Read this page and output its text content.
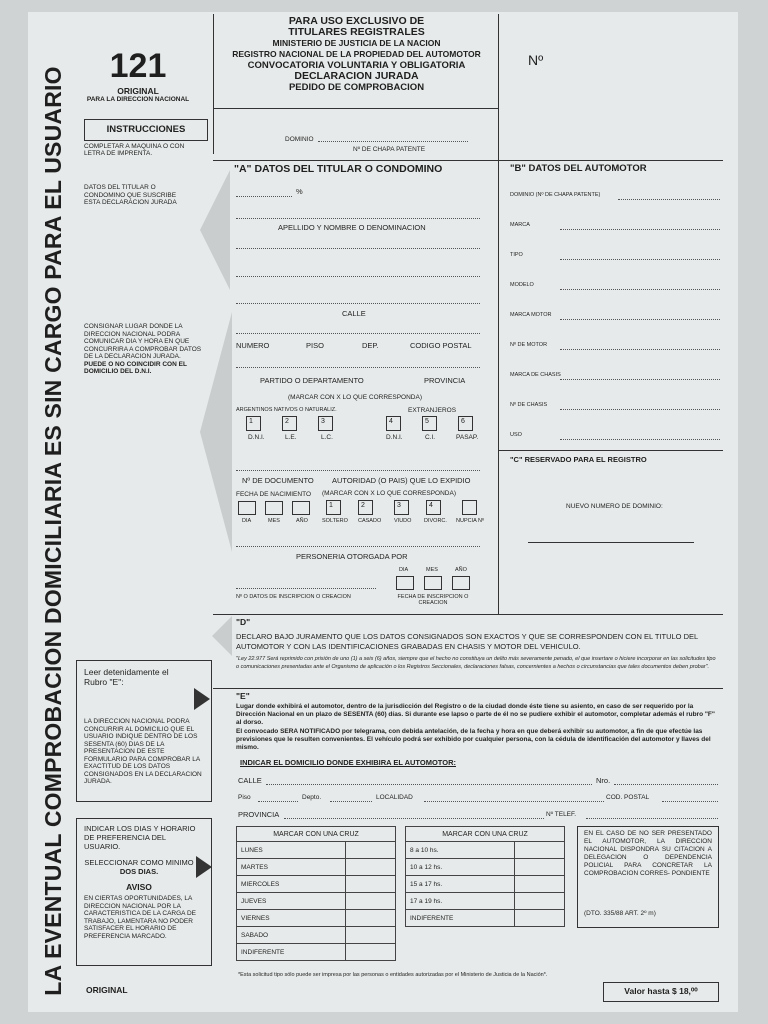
LA EVENTUAL COMPROBACION DOMICILIARIA ES SIN CARGO PARA EL USUARIO
121
ORIGINAL
PARA LA DIRECCION NACIONAL
PARA USO EXCLUSIVO DE
TITULARES REGISTRALES
MINISTERIO DE JUSTICIA DE LA NACION
REGISTRO NACIONAL DE LA PROPIEDAD DEL AUTOMOTOR
CONVOCATORIA VOLUNTARIA Y OBLIGATORIA
DECLARACION JURADA
PEDIDO DE COMPROBACION
Nº
DOMINIO
Nº DE CHAPA PATENTE
INSTRUCCIONES
COMPLETAR A MAQUINA O CON LETRA DE IMPRENTA.
"A" DATOS DEL TITULAR O CONDOMINO
DATOS DEL TITULAR O CONDOMINO QUE SUSCRIBE ESTA DECLARACION JURADA
%
APELLIDO Y NOMBRE O DENOMINACION
CALLE
CONSIGNAR LUGAR DONDE LA DIRECCION NACIONAL PODRA COMUNICAR DIA Y HORA EN QUE CONCURRIRA A COMPROBAR DATOS DE LA DECLARACION JURADA. PUEDE O NO COINCIDIR CON EL DOMICILIO DEL D.N.I.
NUMERO	PISO	DEP.	CODIGO POSTAL
PARTIDO O DEPARTAMENTO	PROVINCIA
(MARCAR CON X LO QUE CORRESPONDA)
ARGENTINOS NATIVOS O NATURALIZ.	EXTRANJEROS
1	2	3	4	5	6
D.N.I.	L.E.	L.C.	D.N.I.	C.I.	PASAP.
Nº DE DOCUMENTO AUTORIDAD (O PAIS) QUE LO EXPIDIO
FECHA DE NACIMIENTO (MARCAR CON X LO QUE CORRESPONDA)
DIA	MES	AÑO
1	2	3	4
SOLTERO CASADO VIUDO DIVORC. NUPCIA Nº
PERSONERIA OTORGADA POR
DIA	MES	AÑO
Nº O DATOS DE INSCRIPCION O CREACION	FECHA DE INSCRIPCION O CREACION
"B" DATOS DEL AUTOMOTOR
DOMINIO (Nº DE CHAPA PATENTE)
MARCA
TIPO
MODELO
MARCA MOTOR
Nº DE MOTOR
MARCA DE CHASIS
Nº DE CHASIS
USO
"C" RESERVADO PARA EL REGISTRO
NUEVO NUMERO DE DOMINIO:
"D"
DECLARO BAJO JURAMENTO QUE LOS DATOS CONSIGNADOS SON EXACTOS Y QUE SE CORRESPONDEN CON EL TITULO DEL AUTOMOTOR Y CON LAS IDENTIFICACIONES GRABADAS EN CHASIS Y MOTOR DEL VEHICULO.
"Ley 22.977 Será reprimido con prisión de uno (1) a seis (6) años, siempre que el hecho no constituya un delito más severamente penado, el que insertare o hiciere incorporar en las solicitudes tipo o comunicaciones presentadas ante el Organismo de aplicación o los Registros Seccionales, declaraciones falsas, concernientes a hechos o circunstancias que tales documentos deben probar".
Leer detenidamente el Rubro "E":
LA DIRECCION NACIONAL PODRA CONCURRIR AL DOMICILIO QUE EL USUARIO INDIQUE DENTRO DE LOS SESENTA (60) DIAS DE LA PRESENTACION DE ESTE FORMULARIO PARA COMPROBAR LA EXACTITUD DE LOS DATOS CONSIGNADOS EN LA DECLARACION JURADA.
"E"
Lugar donde exhibirá el automotor, dentro de la jurisdicción del Registro o de la ciudad donde éste tiene su asiento, en caso de ser requerido por la Dirección Nacional en un plazo de SESENTA (60) días. Si durante ese lapso o parte de él no se pudiere exhibir el automotor, completar además el rubro "F" al dorso.
El convocado SERA NOTIFICADO por telegrama, con debida antelación, de la fecha y hora en que deberá exhibir su automotor, a fin de que efectúe las previsiones que le resulten convenientes. El vehículo podrá ser exhibido por cualquier persona, con la cédula de identificación del automotor y llaves del mismo.
INDICAR EL DOMICILIO DONDE EXHIBIRA EL AUTOMOTOR:
CALLE	Nro.
Piso	Depto.	LOCALIDAD	COD. POSTAL
PROVINCIA	Nº TELEF.
INDICAR LOS DIAS Y HORARIO DE PREFERENCIA DEL USUARIO.
SELECCIONAR COMO MINIMO DOS DIAS.
AVISO
EN CIERTAS OPORTUNIDADES, LA DIRECCION NACIONAL POR LA CARACTERISTICA DE LA CARGA DE TRABAJO, LAMENTARA NO PODER SATISFACER EL HORARIO DE PREFERENCIA MARCADO.
MARCAR CON UNA CRUZ	
LUNES	
MARTES	
MIERCOLES	
JUEVES	
VIERNES	
SABADO	
INDIFERENTE	
MARCAR CON UNA CRUZ	
8 a 10 hs.	
10 a 12 hs.	
15 a 17 hs.	
17 a 19 hs.	
INDIFERENTE	
EN EL CASO DE NO SER PRESENTADO EL AUTOMOTOR, LA DIRECCION NACIONAL DISPONDRA SU CITACION A DELEGACION O DEPENDENCIA POLICIAL PARA CONCRETAR LA COMPROBACION CORRES- PONDIENTE
(DTO. 335/88 ART. 2º m)
*Esta solicitud tipo sólo puede ser impresa por las personas o entidades autorizadas por el Ministerio de Justicia de la Nación*.
ORIGINAL	Valor hasta $ 18,⁰⁰
